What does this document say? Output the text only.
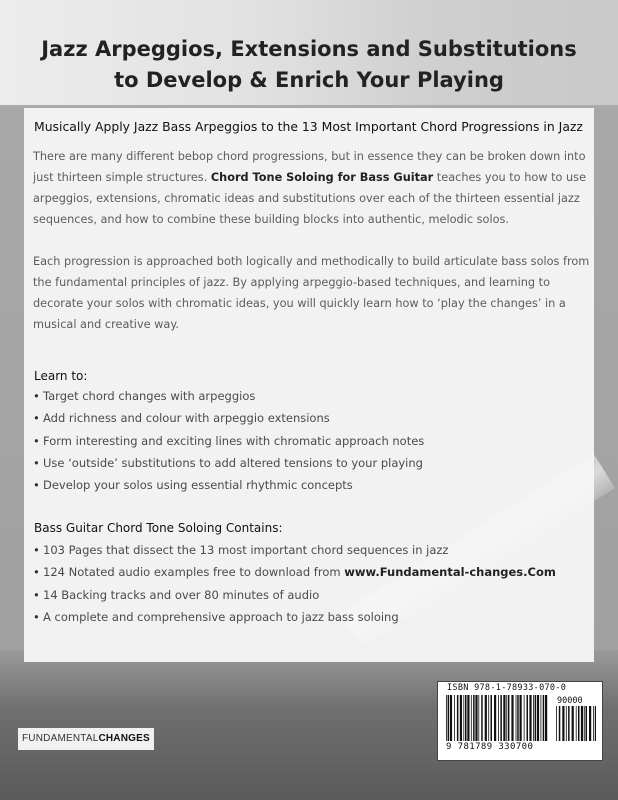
Jazz Arpeggios, Extensions and Substitutions
to Develop & Enrich Your Playing
Musically Apply Jazz Bass Arpeggios to the 13 Most Important Chord Progressions in Jazz
There are many different bebop chord progressions, but in essence they can be broken down into just thirteen simple structures. Chord Tone Soloing for Bass Guitar teaches you to how to use arpeggios, extensions, chromatic ideas and substitutions over each of the thirteen essential jazz sequences, and how to combine these building blocks into authentic, melodic solos.
Each progression is approached both logically and methodically to build articulate bass solos from the fundamental principles of jazz. By applying arpeggio-based techniques, and learning to decorate your solos with chromatic ideas, you will quickly learn how to ‘play the changes’ in a musical and creative way.
Learn to:
• Target chord changes with arpeggios
• Add richness and colour with arpeggio extensions
• Form interesting and exciting lines with chromatic approach notes
• Use ‘outside’ substitutions to add altered tensions to your playing
• Develop your solos using essential rhythmic concepts
Bass Guitar Chord Tone Soloing Contains:
• 103 Pages that dissect the 13 most important chord sequences in jazz
• 124 Notated audio examples free to download from www.Fundamental-changes.Com
• 14 Backing tracks and over 80 minutes of audio
• A complete and comprehensive approach to jazz bass soloing
FUNDAMENTALCHANGES
ISBN 978-1-78933-070-0
90000
9 781789 330700
